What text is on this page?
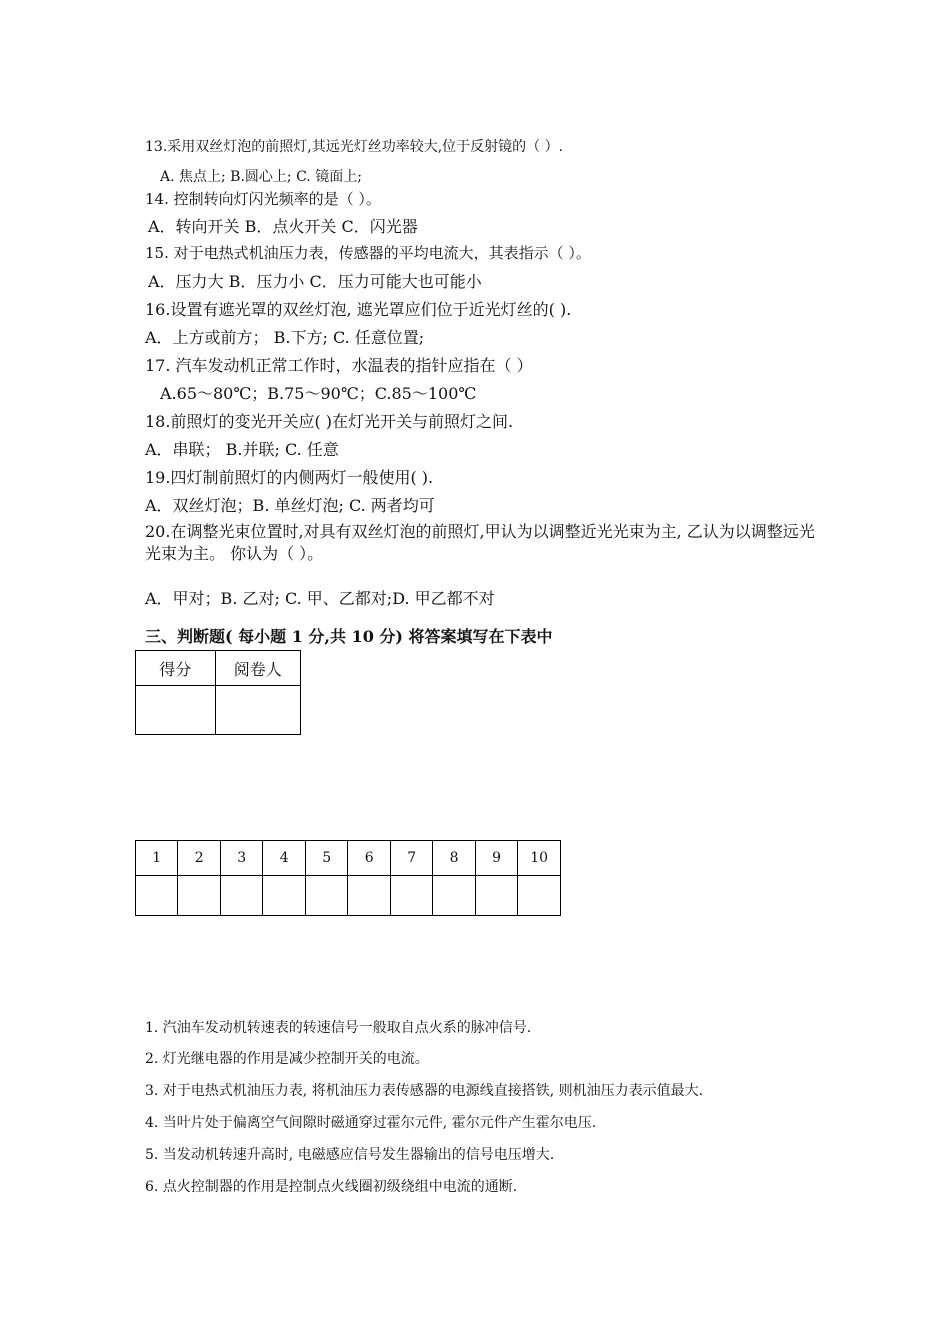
13.采用双丝灯泡的前照灯,其远光灯丝功率较大,位于反射镜的（ ）.
A. 焦点上; B.圆心上; C. 镜面上;
14. 控制转向灯闪光频率的是（ ）。
A．转向开关 B．点火开关 C．闪光器
15. 对于电热式机油压力表，传感器的平均电流大，其表指示（ ）。
A．压力大 B．压力小 C．压力可能大也可能小
16.设置有遮光罩的双丝灯泡, 遮光罩应们位于近光灯丝的( ).
A．上方或前方； B.下方; C. 任意位置;
17. 汽车发动机正常工作时，水温表的指针应指在（ ）
A.65～80℃；B.75～90℃；C.85～100℃
18.前照灯的变光开关应( )在灯光开关与前照灯之间.
A．串联； B.并联; C. 任意
19.四灯制前照灯的内侧两灯一般使用( ).
A．双丝灯泡；B. 单丝灯泡; C. 两者均可
20.在调整光束位置时,对具有双丝灯泡的前照灯,甲认为以调整近光光束为主, 乙认为以调整远光光束为主。 你认为（ ）。
A．甲对；B. 乙对; C. 甲、乙都对;D. 甲乙都不对
三、判断题( 每小题 1 分,共 10 分) 将答案填写在下表中
得分	阅卷人

1	2	3	4	5	6	7	8	9	10

1. 汽油车发动机转速表的转速信号一般取自点火系的脉冲信号.
2. 灯光继电器的作用是减少控制开关的电流。
3. 对于电热式机油压力表, 将机油压力表传感器的电源线直接搭铁, 则机油压力表示值最大.
4. 当叶片处于偏离空气间隙时磁通穿过霍尔元件, 霍尔元件产生霍尔电压.
5. 当发动机转速升高时, 电磁感应信号发生器输出的信号电压增大.
6. 点火控制器的作用是控制点火线圈初级绕组中电流的通断.
